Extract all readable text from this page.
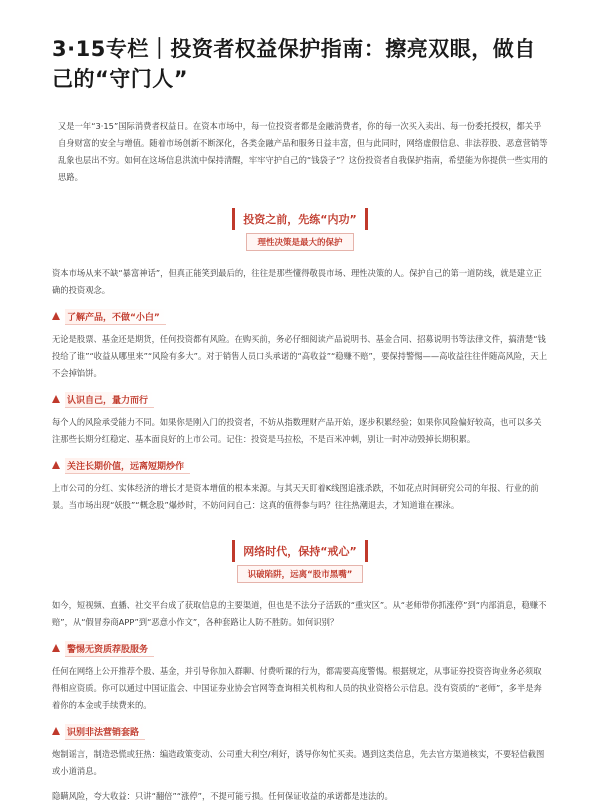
3·15专栏｜投资者权益保护指南：擦亮双眼，做自己的“守门人”

又是一年“3·15”国际消费者权益日。在资本市场中，每一位投资者都是金融消费者，你的每一次买入卖出、每一份委托授权，都关乎自身财富的安全与增值。随着市场创新不断深化，各类金融产品和服务日益丰富，但与此同时，网络虚假信息、非法荐股、恶意营销等乱象也层出不穷。如何在这场信息洪流中保持清醒，牢牢守护自己的“钱袋子”？这份投资者自我保护指南，希望能为你提供一些实用的思路。

投资之前，先练“内功”
理性决策是最大的保护

资本市场从来不缺“暴富神话”，但真正能笑到最后的，往往是那些懂得敬畏市场、理性决策的人。保护自己的第一道防线，就是建立正确的投资观念。

了解产品，不做“小白”

无论是股票、基金还是期货，任何投资都有风险。在购买前，务必仔细阅读产品说明书、基金合同、招募说明书等法律文件，搞清楚“钱投给了谁”“收益从哪里来”“风险有多大”。对于销售人员口头承诺的“高收益”“稳赚不赔”，要保持警惕——高收益往往伴随高风险，天上不会掉馅饼。

认识自己，量力而行

每个人的风险承受能力不同。如果你是刚入门的投资者，不妨从指数理财产品开始，逐步积累经验；如果你风险偏好较高，也可以多关注那些长期分红稳定、基本面良好的上市公司。记住：投资是马拉松，不是百米冲刺，别让一时冲动毁掉长期积累。

关注长期价值，远离短期炒作

上市公司的分红、实体经济的增长才是资本增值的根本来源。与其天天盯着K线图追涨杀跌，不如花点时间研究公司的年报、行业的前景。当市场出现“妖股”“概念股”爆炒时，不妨问问自己：这真的值得参与吗？往往热潮退去，才知道谁在裸泳。

网络时代，保持“戒心”
识破陷阱，远离“股市黑嘴”

如今，短视频、直播、社交平台成了获取信息的主要渠道，但也是不法分子活跃的“重灾区”。从“老师带你抓涨停”到“内部消息，稳赚不赔”，从“假冒券商APP”到“恶意小作文”，各种套路让人防不胜防。如何识别？

警惕无资质荐股服务

任何在网络上公开推荐个股、基金，并引导你加入群聊、付费听课的行为，都需要高度警惕。根据规定，从事证券投资咨询业务必须取得相应资质。你可以通过中国证监会、中国证券业协会官网等查询相关机构和人员的执业资格公示信息。没有资质的“老师”，多半是奔着你的本金或手续费来的。

识别非法营销套路

炮制谣言，制造恐慌或狂热：编造政策变动、公司重大利空/利好，诱导你匆忙买卖。遇到这类信息，先去官方渠道核实，不要轻信截图或小道消息。

隐瞒风险，夸大收益：只讲“翻倍”“涨停”，不提可能亏损。任何保证收益的承诺都是违法的。
